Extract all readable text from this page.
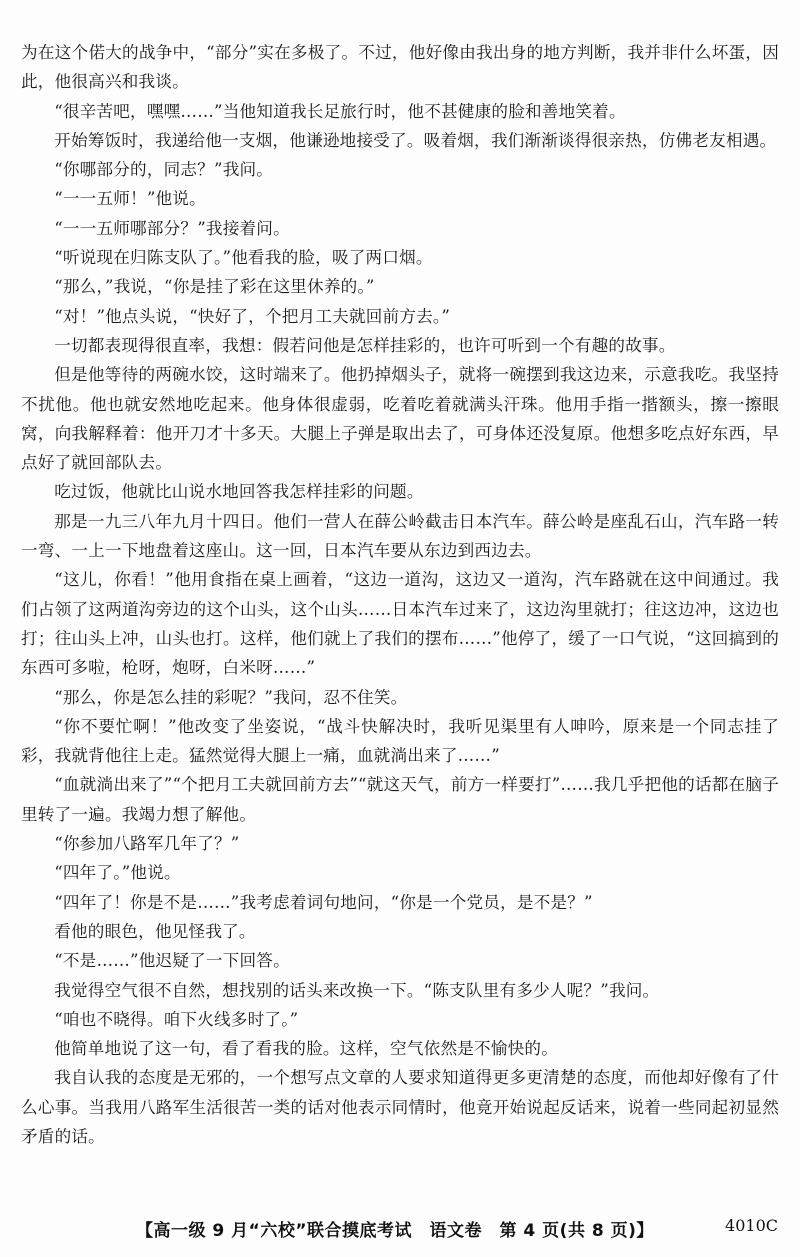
为在这个偌大的战争中，“部分”实在多极了。不过，他好像由我出身的地方判断，我并非什么坏蛋，因此，他很高兴和我谈。

“很辛苦吧，嘿嘿……”当他知道我长足旅行时，他不甚健康的脸和善地笑着。

开始筹饭时，我递给他一支烟，他谦逊地接受了。吸着烟，我们渐渐谈得很亲热，仿佛老友相遇。

“你哪部分的，同志？”我问。

“一一五师！”他说。

“一一五师哪部分？”我接着问。

“听说现在归陈支队了。”他看我的脸，吸了两口烟。

“那么，”我说，“你是挂了彩在这里休养的。”

“对！”他点头说，“快好了，个把月工夫就回前方去。”

一切都表现得很直率，我想：假若问他是怎样挂彩的，也许可听到一个有趣的故事。

但是他等待的两碗水饺，这时端来了。他扔掉烟头子，就将一碗摆到我这边来，示意我吃。我坚持不扰他。他也就安然地吃起来。他身体很虚弱，吃着吃着就满头汗珠。他用手指一揩额头，擦一擦眼窝，向我解释着：他开刀才十多天。大腿上子弹是取出去了，可身体还没复原。他想多吃点好东西，早点好了就回部队去。

吃过饭，他就比山说水地回答我怎样挂彩的问题。

那是一九三八年九月十四日。他们一营人在薛公岭截击日本汽车。薛公岭是座乱石山，汽车路一转一弯、一上一下地盘着这座山。这一回，日本汽车要从东边到西边去。

“这儿，你看！”他用食指在桌上画着，“这边一道沟，这边又一道沟，汽车路就在这中间通过。我们占领了这两道沟旁边的这个山头，这个山头……日本汽车过来了，这边沟里就打；往这边冲，这边也打；往山头上冲，山头也打。这样，他们就上了我们的摆布……”他停了，缓了一口气说，“这回搞到的东西可多啦，枪呀，炮呀，白米呀……”

“那么，你是怎么挂的彩呢？”我问，忍不住笑。

“你不要忙啊！”他改变了坐姿说，“战斗快解决时，我听见渠里有人呻吟，原来是一个同志挂了彩，我就背他往上走。猛然觉得大腿上一痛，血就淌出来了……”

“血就淌出来了”“个把月工夫就回前方去”“就这天气，前方一样要打”……我几乎把他的话都在脑子里转了一遍。我竭力想了解他。

“你参加八路军几年了？”

“四年了。”他说。

“四年了！你是不是……”我考虑着词句地问，“你是一个党员，是不是？”

看他的眼色，他见怪我了。

“不是……”他迟疑了一下回答。

我觉得空气很不自然，想找别的话头来改换一下。“陈支队里有多少人呢？”我问。

“咱也不晓得。咱下火线多时了。”

他简单地说了这一句，看了看我的脸。这样，空气依然是不愉快的。

我自认我的态度是无邪的，一个想写点文章的人要求知道得更多更清楚的态度，而他却好像有了什么心事。当我用八路军生活很苦一类的话对他表示同情时，他竟开始说起反话来，说着一些同起初显然矛盾的话。

【高一级 9 月“六校”联合摸底考试　语文卷　第 4 页(共 8 页)】	4010C
